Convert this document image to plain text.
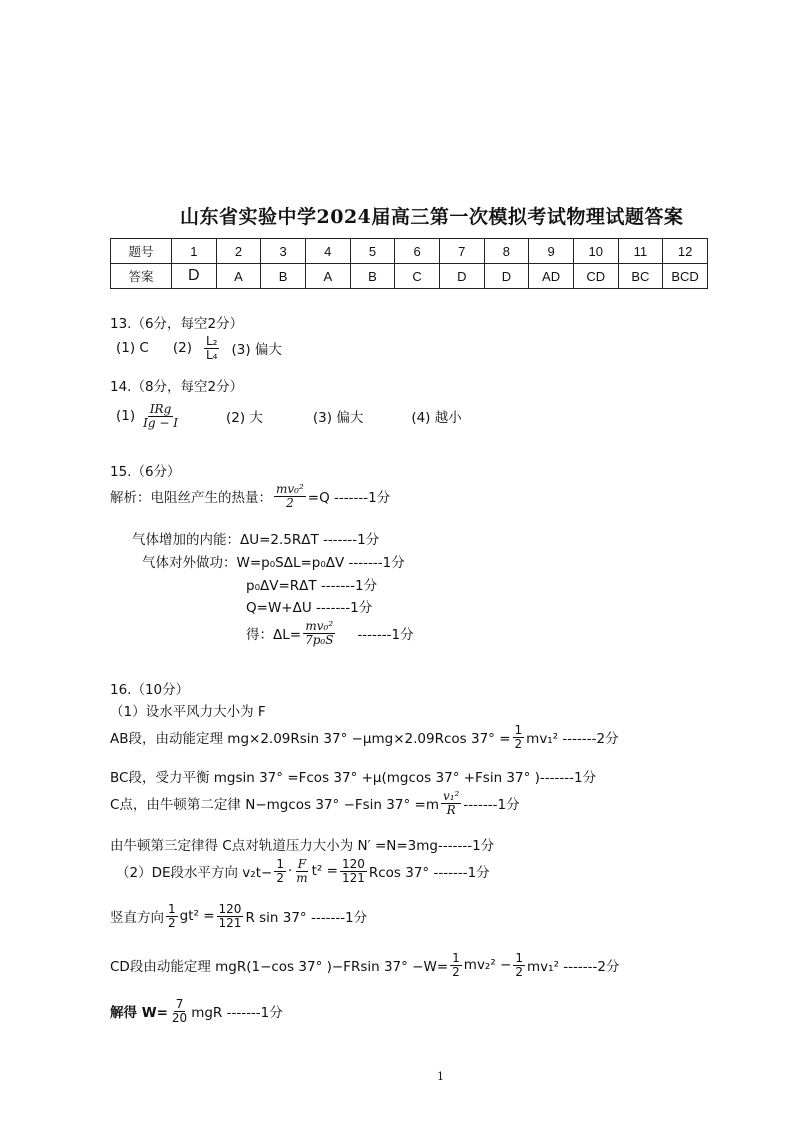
山东省实验中学2024届高三第一次模拟考试物理试题答案
题号	1	2	3	4	5	6	7	8	9	10	11	12
答案	D	A	B	A	B	C	D	D	AD	CD	BC	BCD
13.（6分，每空2分）
(1) C $(2) \frac{\text{L₂}}{\text{L₄}} (3)$ 偏大
14.（8分，每空2分）
$(1) \frac{\text{IRg}}{Ig - I}$	(2) 大	(3) 偏大	(4) 越小
15.（6分）
解析：电阻丝产生的热量： $\frac{\text{mv₀²}}{2} =Q$ -------1分
气体增加的内能：ΔU=2.5RΔT -------1分
气体对外做功：W=p₀SΔL=p₀ΔV -------1分
p₀ΔV=RΔT -------1分
Q=W+ΔU -------1分
得：$\Delta L= \frac{\text{mv₀²}}{\text{7p₀S}} -------1$分
16.（10分）
（1）设水平风力大小为 F
AB段，由动能定理 mg×2.09Rsin 37° −μmg×2.09Rcos $37^\circ = \frac{1}{2} mv_1^2$ -------2分
BC段，受力平衡 mgsin 37° =Fcos 37° +μ(mgcos 37° +Fsin 37° )-------1分
C点，由牛顿第二定律 N−mgcos 37° −Fsin $37^\circ =m \frac{\text{v₁²}}{R} -------1$分
由牛顿第三定律得 C点对轨道压力大小为 N′ =N=3mg-------1分
（2）DE段水平方向 $v_2t- \frac{1}{2} \cdot \frac{F}{m} t^2 = \frac{120}{121}$ Rcos 37° -------1分
竖直方向 $\frac{1}{2} gt^2 = \frac{120}{121}$ R sin 37° -------1分
CD段由动能定理 mgR(1−cos 37° )−FRsin $37^\circ -W= \frac{1}{2} mv_2^2 - \frac{1}{2} mv_1^2$ -------2分
解得 $W= \frac{7}{20}$ mgR -------1分
1
